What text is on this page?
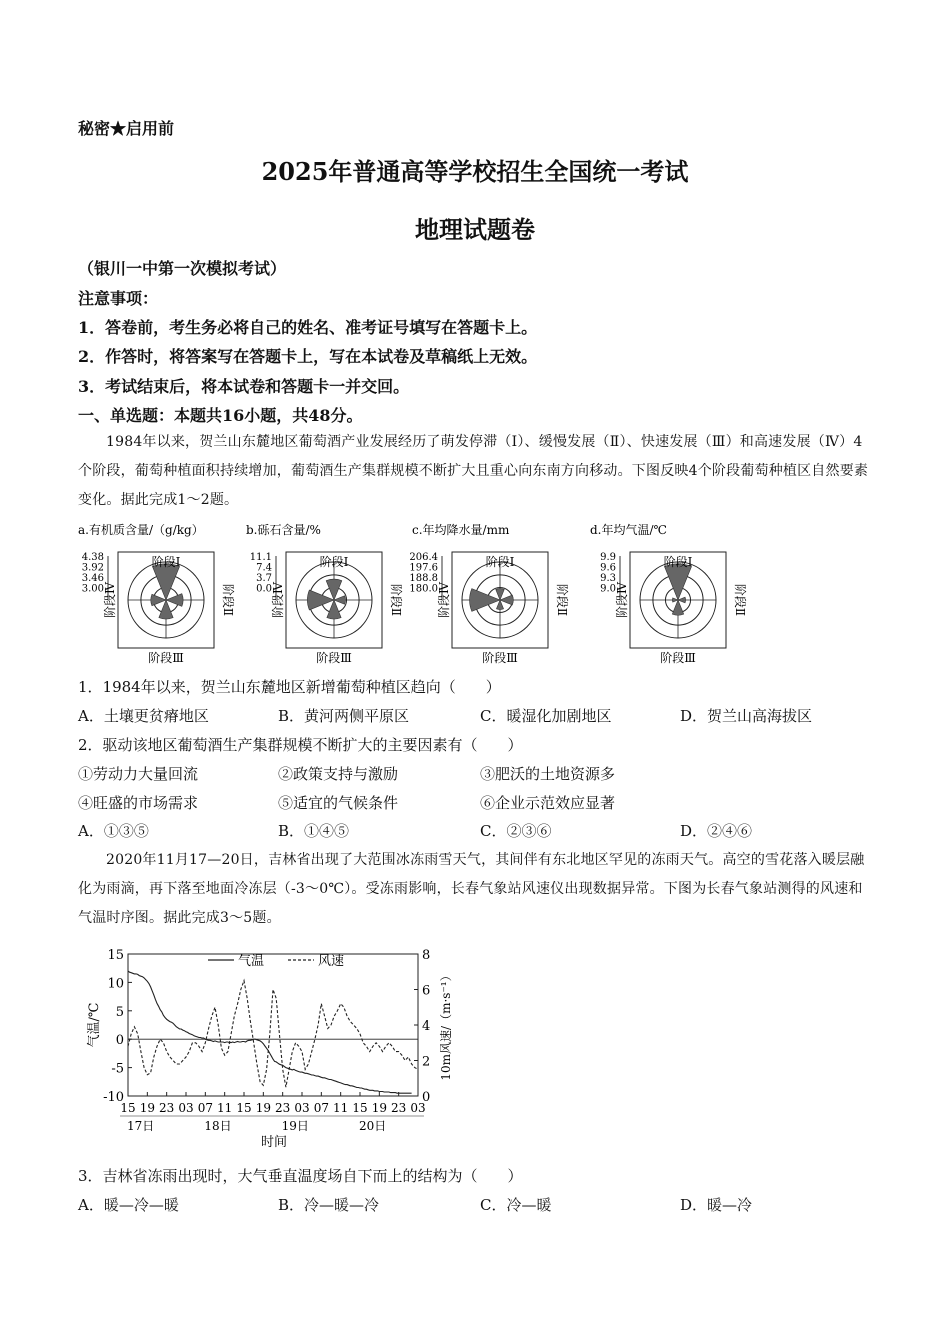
秘密★启用前
2025年普通高等学校招生全国统一考试
地理试题卷
（银川一中第一次模拟考试）
注意事项：
1．答卷前，考生务必将自己的姓名、准考证号填写在答题卡上。
2．作答时，将答案写在答题卡上，写在本试卷及草稿纸上无效。
3．考试结束后，将本试卷和答题卡一并交回。
一、单选题：本题共16小题，共48分。
1984年以来，贺兰山东麓地区葡萄酒产业发展经历了萌发停滞（Ⅰ）、缓慢发展（Ⅱ）、快速发展（Ⅲ）和高速发展（Ⅳ）4个阶段，葡萄种植面积持续增加，葡萄酒生产集群规模不断扩大且重心向东南方向移动。下图反映4个阶段葡萄种植区自然要素变化。据此完成1～2题。
a.有机质含量/（g/kg）
4.38
3.92
3.46
3.00
阶段Ⅰ
阶段Ⅲ
阶段Ⅱ
阶段Ⅳ
b.砾石含量/%
11.1
7.4
3.7
0.0
阶段Ⅰ
阶段Ⅲ
阶段Ⅱ
阶段Ⅳ
c.年均降水量/mm
206.4
197.6
188.8
180.0
阶段Ⅰ
阶段Ⅲ
阶段Ⅱ
阶段Ⅳ
d.年均气温/℃
9.9
9.6
9.3
9.0
阶段Ⅰ
阶段Ⅲ
阶段Ⅱ
阶段Ⅳ
1．1984年以来，贺兰山东麓地区新增葡萄种植区趋向（　　）
A．土壤更贫瘠地区	B．黄河两侧平原区	C．暖湿化加剧地区	D．贺兰山高海拔区
2．驱动该地区葡萄酒生产集群规模不断扩大的主要因素有（　　）
①劳动力大量回流	②政策支持与激励	③肥沃的土地资源多
④旺盛的市场需求	⑤适宜的气候条件	⑥企业示范效应显著
A．①③⑤	B．①④⑤	C．②③⑥	D．②④⑥
2020年11月17—20日，吉林省出现了大范围冰冻雨雪天气，其间伴有东北地区罕见的冻雨天气。高空的雪花落入暖层融化为雨滴，再下落至地面冷冻层（-3～0℃）。受冻雨影响，长春气象站风速仪出现数据异常。下图为长春气象站测得的风速和气温时序图。据此完成3～5题。
15
10
5
0
-5
-10
8
6
4
2
0
15 19 23 03 07 11 15 19 23 03 07 11 15 19 23 03
17日	18日	19日	20日
时间
气温/℃	10m风速/（m·s⁻¹）
气温	风速
3．吉林省冻雨出现时，大气垂直温度场自下而上的结构为（　　）
A．暖—冷—暖	B．冷—暖—冷	C．冷—暖	D．暖—冷
